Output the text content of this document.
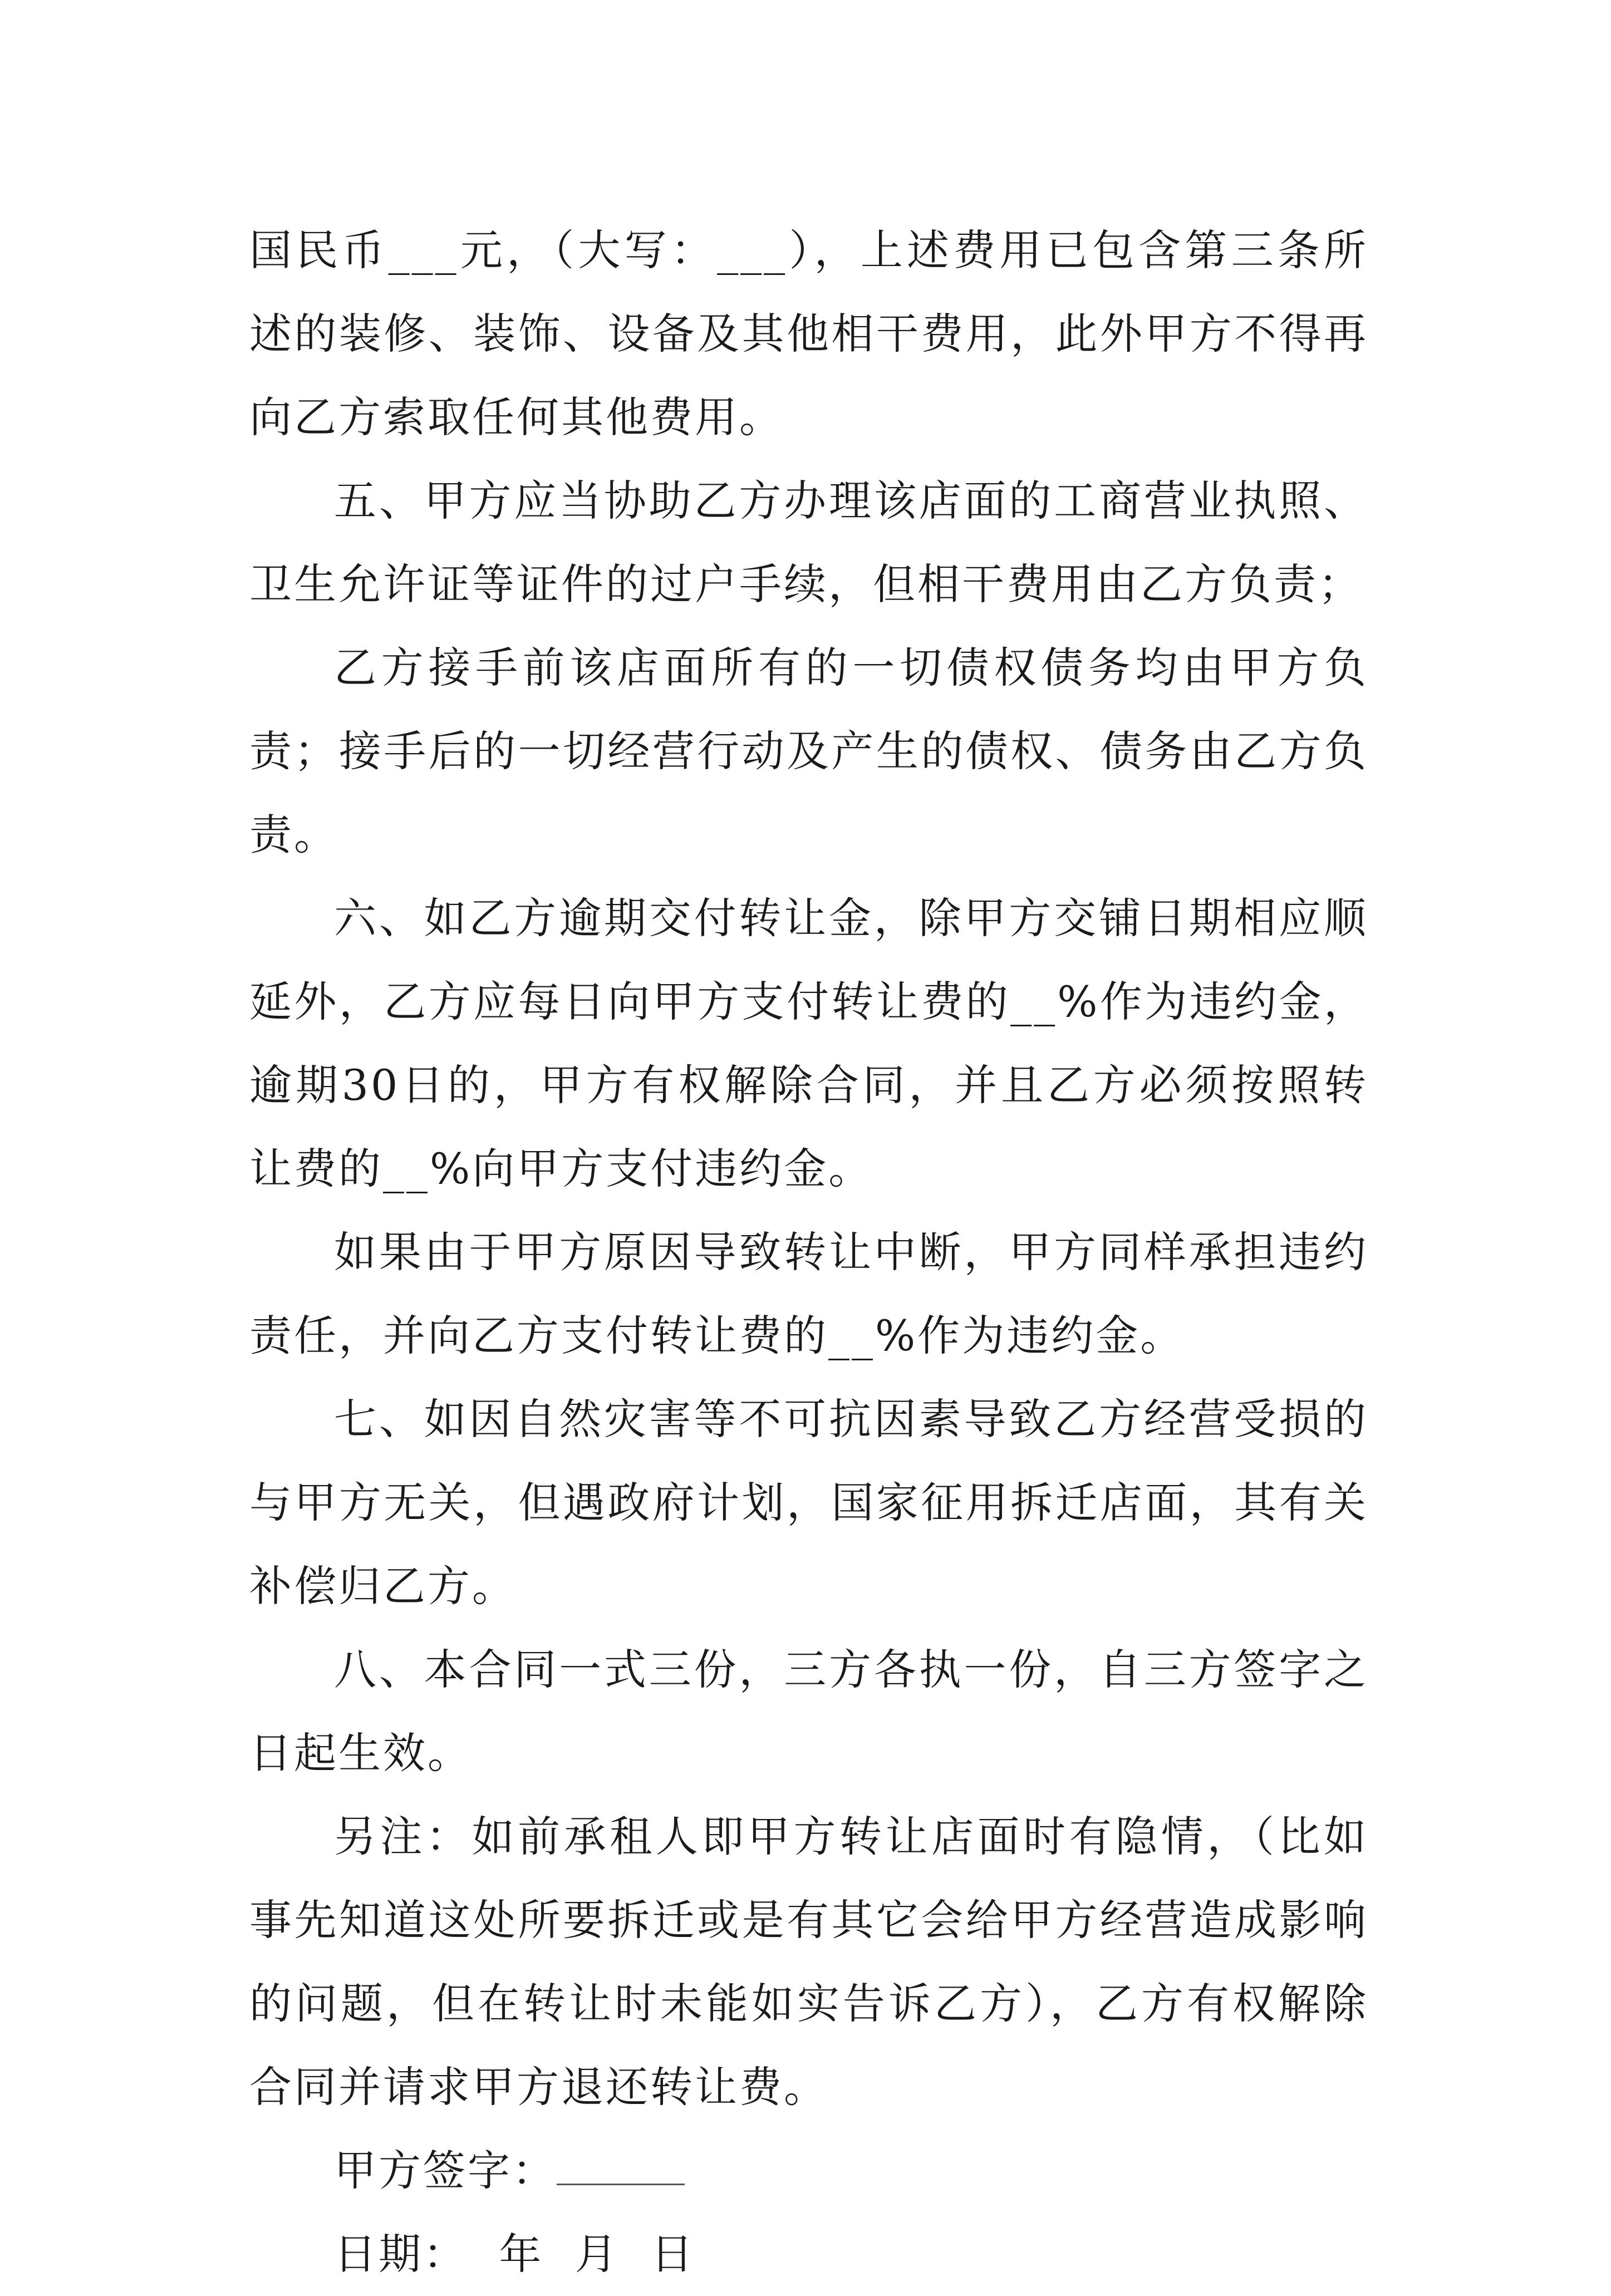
国民币___元，（大写：___），上述费用已包含第三条所述的装修、装饰、设备及其他相干费用，此外甲方不得再向乙方索取任何其他费用。

五、甲方应当协助乙方办理该店面的工商营业执照、卫生允许证等证件的过户手续，但相干费用由乙方负责；

乙方接手前该店面所有的一切债权债务均由甲方负责；接手后的一切经营行动及产生的债权、债务由乙方负责。

六、如乙方逾期交付转让金，除甲方交铺日期相应顺延外，乙方应每日向甲方支付转让费的__%作为违约金，逾期30日的，甲方有权解除合同，并且乙方必须按照转让费的__%向甲方支付违约金。

如果由于甲方原因导致转让中断，甲方同样承担违约责任，并向乙方支付转让费的__%作为违约金。

七、如因自然灾害等不可抗因素导致乙方经营受损的与甲方无关，但遇政府计划，国家征用拆迁店面，其有关补偿归乙方。

八、本合同一式三份，三方各执一份，自三方签字之日起生效。

另注：如前承租人即甲方转让店面时有隐情，（比如事先知道这处所要拆迁或是有其它会给甲方经营造成影响的问题，但在转让时未能如实告诉乙方），乙方有权解除合同并请求甲方退还转让费。

甲方签字：

日期：  年  月  日
